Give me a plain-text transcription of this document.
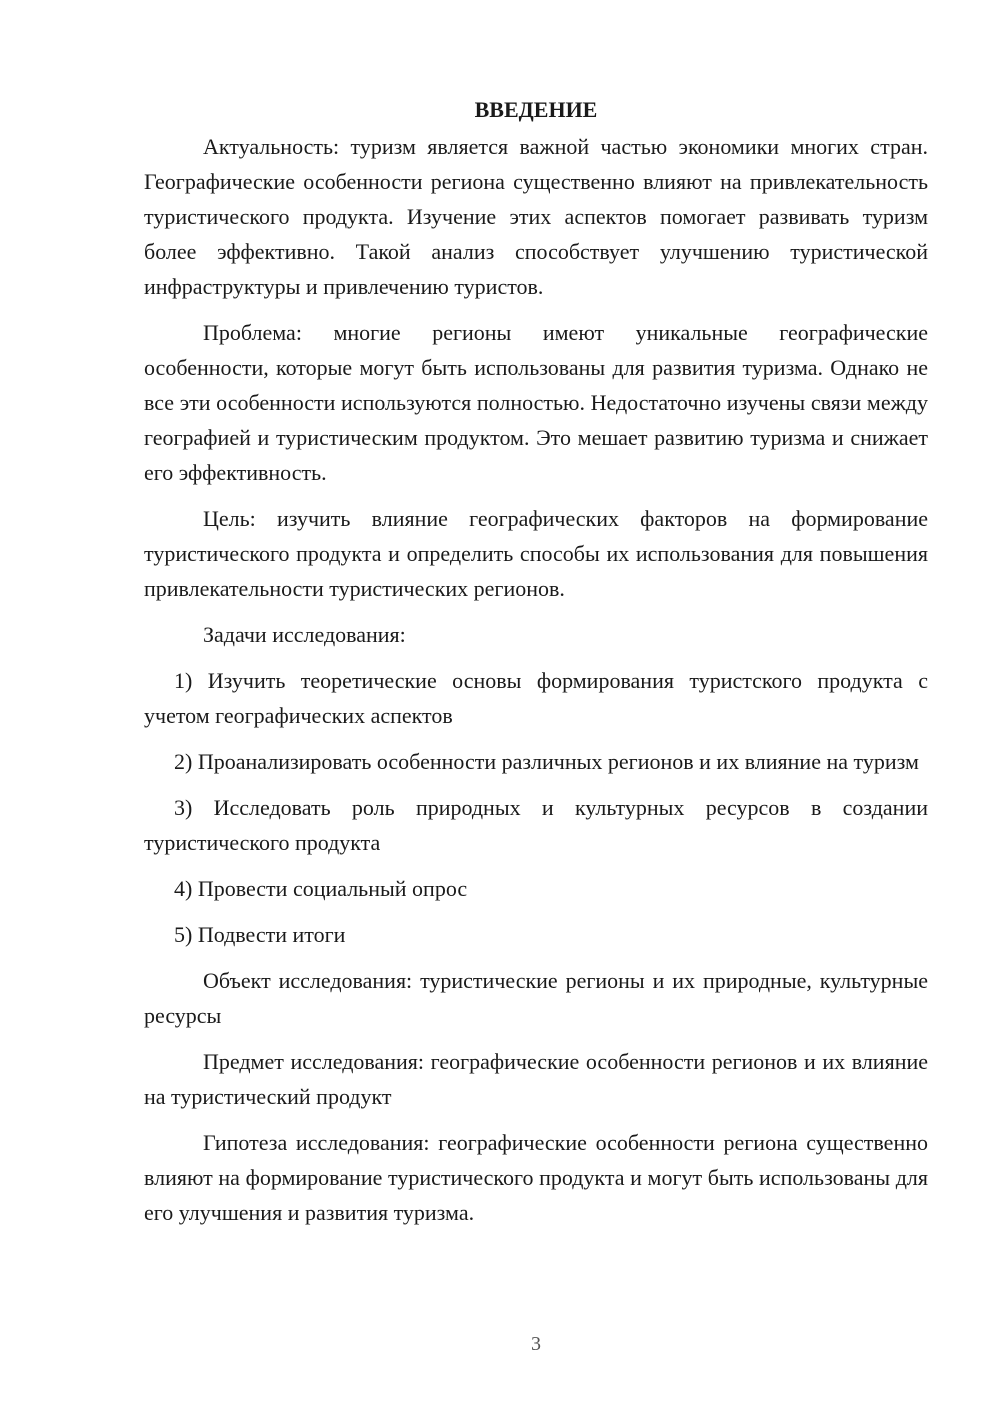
ВВЕДЕНИЕ

Актуальность: туризм является важной частью экономики многих стран. Географические особенности региона существенно влияют на привлекательность туристического продукта. Изучение этих аспектов помогает развивать туризм более эффективно. Такой анализ способствует улучшению туристической инфраструктуры и привлечению туристов.

Проблема: многие регионы имеют уникальные географические особенности, которые могут быть использованы для развития туризма. Однако не все эти особенности используются полностью. Недостаточно изучены связи между географией и туристическим продуктом. Это мешает развитию туризма и снижает его эффективность.

Цель: изучить влияние географических факторов на формирование туристического продукта и определить способы их использования для повышения привлекательности туристических регионов.

Задачи исследования:

1) Изучить теоретические основы формирования туристского продукта с учетом географических аспектов

2) Проанализировать особенности различных регионов и их влияние на туризм

3) Исследовать роль природных и культурных ресурсов в создании туристического продукта

4) Провести социальный опрос

5) Подвести итоги

Объект исследования: туристические регионы и их природные, культурные ресурсы

Предмет исследования: географические особенности регионов и их влияние на туристический продукт

Гипотеза исследования: географические особенности региона существенно влияют на формирование туристического продукта и могут быть использованы для его улучшения и развития туризма.

3
